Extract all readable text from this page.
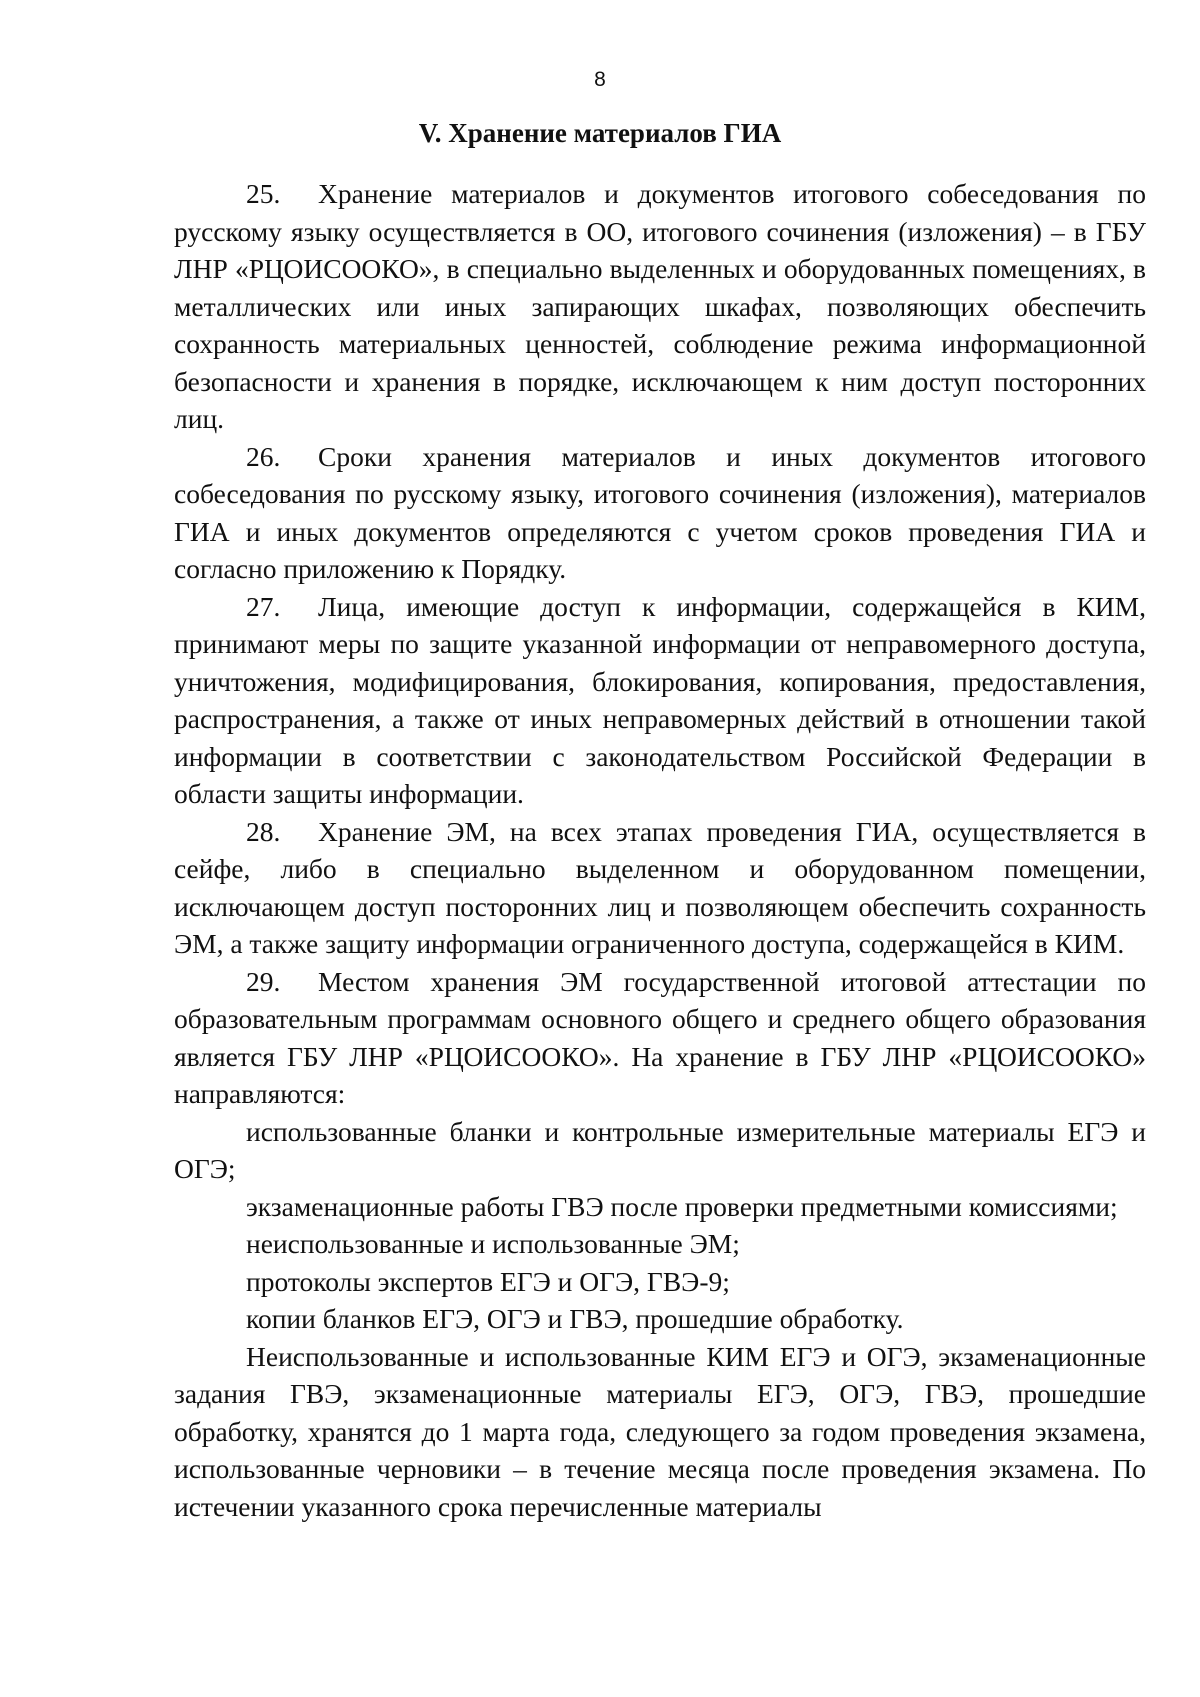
8
V. Хранение материалов ГИА

25. Хранение материалов и документов итогового собеседования по русскому языку осуществляется в ОО, итогового сочинения (изложения) – в ГБУ ЛНР «РЦОИСООКО», в специально выделенных и оборудованных помещениях, в металлических или иных запирающих шкафах, позволяющих обеспечить сохранность материальных ценностей, соблюдение режима информационной безопасности и хранения в порядке, исключающем к ним доступ посторонних лиц.

26. Сроки хранения материалов и иных документов итогового собеседования по русскому языку, итогового сочинения (изложения), материалов ГИА и иных документов определяются с учетом сроков проведения ГИА и согласно приложению к Порядку.

27. Лица, имеющие доступ к информации, содержащейся в КИМ, принимают меры по защите указанной информации от неправомерного доступа, уничтожения, модифицирования, блокирования, копирования, предоставления, распространения, а также от иных неправомерных действий в отношении такой информации в соответствии с законодательством Российской Федерации в области защиты информации.

28. Хранение ЭМ, на всех этапах проведения ГИА, осуществляется в сейфе, либо в специально выделенном и оборудованном помещении, исключающем доступ посторонних лиц и позволяющем обеспечить сохранность ЭМ, а также защиту информации ограниченного доступа, содержащейся в КИМ.

29. Местом хранения ЭМ государственной итоговой аттестации по образовательным программам основного общего и среднего общего образования является ГБУ ЛНР «РЦОИСООКО». На хранение в ГБУ ЛНР «РЦОИСООКО» направляются:

использованные бланки и контрольные измерительные материалы ЕГЭ и ОГЭ;

экзаменационные работы ГВЭ после проверки предметными комиссиями;

неиспользованные и использованные ЭМ;

протоколы экспертов ЕГЭ и ОГЭ, ГВЭ-9;

копии бланков ЕГЭ, ОГЭ и ГВЭ, прошедшие обработку.

Неиспользованные и использованные КИМ ЕГЭ и ОГЭ, экзаменационные задания ГВЭ, экзаменационные материалы ЕГЭ, ОГЭ, ГВЭ, прошедшие обработку, хранятся до 1 марта года, следующего за годом проведения экзамена, использованные черновики – в течение месяца после проведения экзамена. По истечении указанного срока перечисленные материалы
